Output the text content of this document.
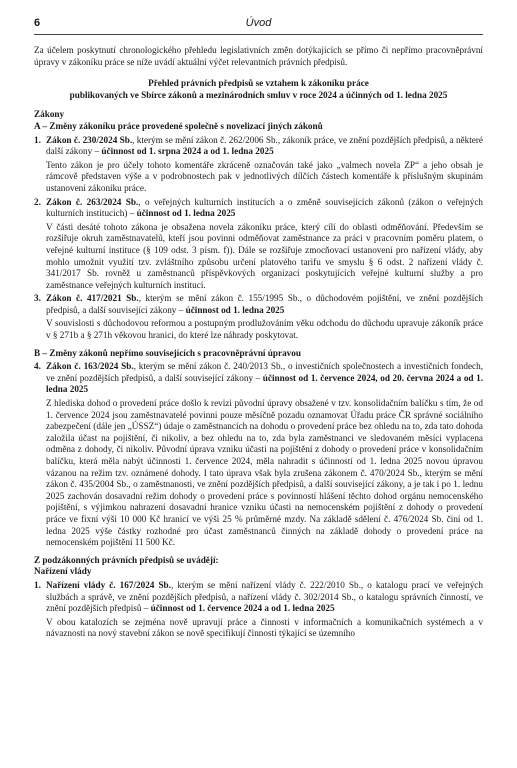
6	Úvod

Za účelem poskytnutí chronologického přehledu legislativních změn dotýkajících se přímo či nepřímo pracovněprávní úpravy v zákoníku práce se níže uvádí aktuální výčet relevantních právních předpisů.

Přehled právních předpisů se vztahem k zákoníku práce
publikovaných ve Sbírce zákonů a mezinárodních smluv v roce 2024 a účinných od 1. ledna 2025

Zákony

A – Změny zákoníku práce provedené společně s novelizací jiných zákonů

1. Zákon č. 230/2024 Sb., kterým se mění zákon č. 262/2006 Sb., zákoník práce, ve znění pozdějších předpisů, a některé další zákony – účinnost od 1. srpna 2024 a od 1. ledna 2025

Tento zákon je pro účely tohoto komentáře zkráceně označován také jako „valmech novela ZP“ a jeho obsah je rámcově představen výše a v podrobnostech pak v jednotlivých dílčích částech komentáře k příslušným skupinám ustanovení zákoníku práce.

2. Zákon č. 263/2024 Sb., o veřejných kulturních institucích a o změně souvisejících zákonů (zákon o veřejných kulturních institucích) – účinnost od 1. ledna 2025

V části desáté tohoto zákona je obsažena novela zákoníku práce, který cílí do oblasti odměňování. Především se rozšiřuje okruh zaměstnavatelů, kteří jsou povinni odměňovat zaměstnance za práci v pracovním poměru platem, o veřejné kulturní instituce (§ 109 odst. 3 písm. f)). Dále se rozšiřuje zmocňovací ustanovení pro nařízení vlády, aby mohlo umožnit využití tzv. zvláštního způsobu určení platového tarifu ve smyslu § 6 odst. 2 nařízení vlády č. 341/2017 Sb. rovněž u zaměstnanců příspěvkových organizací poskytujících veřejné kulturní služby a pro zaměstnance veřejných kulturních institucí.

3. Zákon č. 417/2021 Sb., kterým se mění zákon č. 155/1995 Sb., o důchodovém pojištění, ve znění pozdějších předpisů, a další související zákony – účinnost od 1. ledna 2025

V souvislosti s důchodovou reformou a postupným prodlužováním věku odchodu do důchodu upravuje zákoník práce v § 271b a § 271h věkovou hranici, do které lze náhrady poskytovat.

B – Změny zákonů nepřímo souvisejících s pracovněprávní úpravou

4. Zákon č. 163/2024 Sb., kterým se mění zákon č. 240/2013 Sb., o investičních společnostech a investičních fondech, ve znění pozdějších předpisů, a další související zákony – účinnost od 1. července 2024, od 20. června 2024 a od 1. ledna 2025

Z hlediska dohod o provedení práce došlo k revizi původní úpravy obsažené v tzv. konsolidačním balíčku s tím, že od 1. července 2024 jsou zaměstnavatelé povinni pouze měsíčně pozadu oznamovat Úřadu práce ČR správné sociálního zabezpečení (dále jen „ÚSSZ“) údaje o zaměstnancích na dohodu o provedení práce bez ohledu na to, zda tato dohoda založila účast na pojištění, či nikoliv, a bez ohledu na to, zda byla zaměstnanci ve sledovaném měsíci vyplacena odměna z dohody, či nikoliv. Původní úprava vzniku účasti na pojištění z dohody o provedení práce v konsolidačním balíčku, která měla nabýt účinnosti 1. července 2024, měla nahradit s účinností od 1. ledna 2025 novou úpravou vázanou na režim tzv. oznámené dohody. I tato úprava však byla zrušena zákonem č. 470/2024 Sb., kterým se mění zákon č. 435/2004 Sb., o zaměstnanosti, ve znění pozdějších předpisů, a další související zákony, a je tak i po 1. lednu 2025 zachován dosavadní režim dohody o provedení práce s povinností hlášení těchto dohod orgánu nemocenského pojištění, s výjimkou nahrazení dosavadní hranice vzniku účasti na nemocenském pojištění z dohody o provedení práce ve fixní výši 10 000 Kč hranicí ve výši 25 % průměrné mzdy. Na základě sdělení č. 476/2024 Sb. činí od 1. ledna 2025 výše částky rozhodné pro účast zaměstnanců činných na základě dohody o provedení práce na nemocenském pojištění 11 500 Kč.

Z podzákonných právních předpisů se uvádějí:

Nařízení vlády

1. Nařízení vlády č. 167/2024 Sb., kterým se mění nařízení vlády č. 222/2010 Sb., o katalogu prací ve veřejných službách a správě, ve znění pozdějších předpisů, a nařízení vlády č. 302/2014 Sb., o katalogu správních činností, ve znění pozdějších předpisů – účinnost od 1. července 2024 a od 1. ledna 2025

V obou katalozích se zejména nově upravují práce a činnosti v informačních a komunikačních systémech a v návaznosti na nový stavební zákon se nově specifikují činnosti týkající se územního
